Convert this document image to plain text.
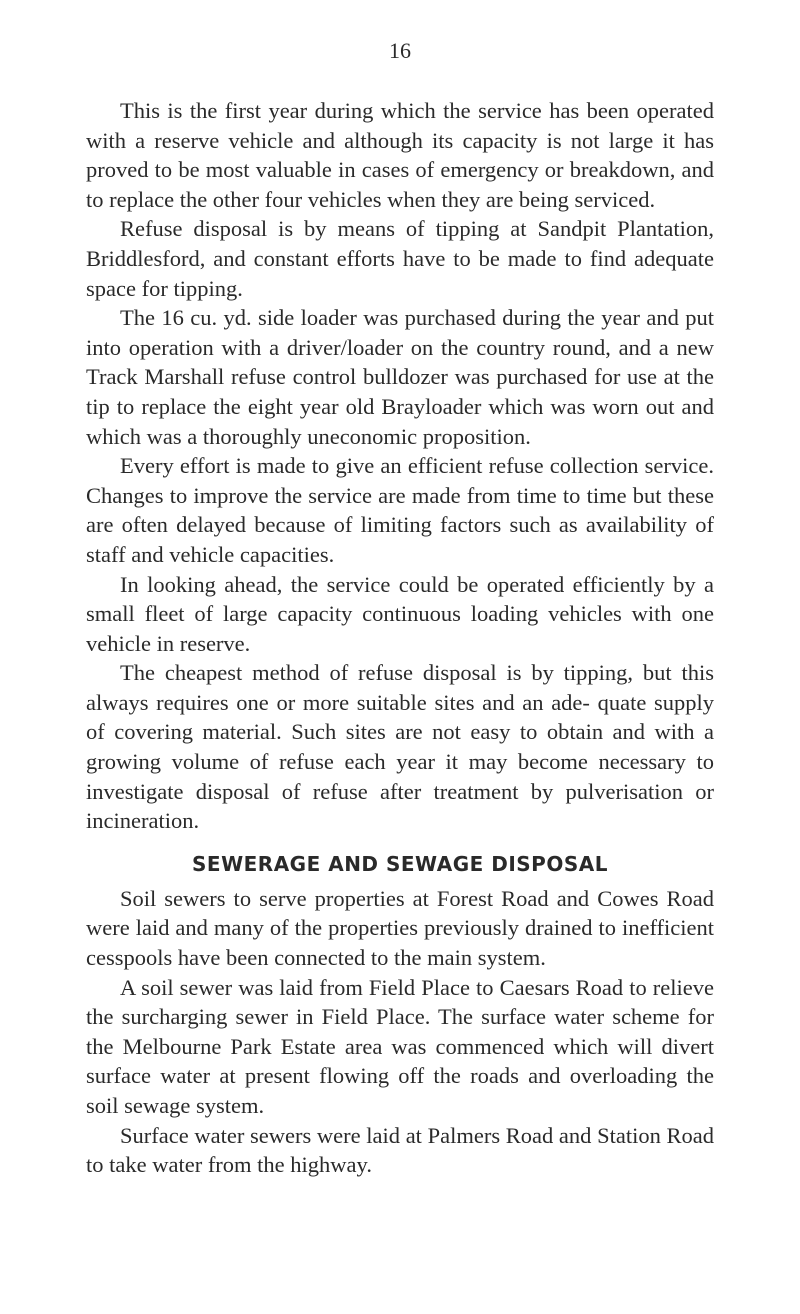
16

This is the first year during which the service has been operated with a reserve vehicle and although its capacity is not large it has proved to be most valuable in cases of emergency or breakdown, and to replace the other four vehicles when they are being serviced.

Refuse disposal is by means of tipping at Sandpit Plantation, Briddlesford, and constant efforts have to be made to find adequate space for tipping.

The 16 cu. yd. side loader was purchased during the year and put into operation with a driver/loader on the country round, and a new Track Marshall refuse control bulldozer was purchased for use at the tip to replace the eight year old Brayloader which was worn out and which was a thoroughly uneconomic proposition.

Every effort is made to give an efficient refuse collection service. Changes to improve the service are made from time to time but these are often delayed because of limiting factors such as availability of staff and vehicle capacities.

In looking ahead, the service could be operated efficiently by a small fleet of large capacity continuous loading vehicles with one vehicle in reserve.

The cheapest method of refuse disposal is by tipping, but this always requires one or more suitable sites and an ade- quate supply of covering material. Such sites are not easy to obtain and with a growing volume of refuse each year it may become necessary to investigate disposal of refuse after treatment by pulverisation or incineration.

SEWERAGE AND SEWAGE DISPOSAL

Soil sewers to serve properties at Forest Road and Cowes Road were laid and many of the properties previously drained to inefficient cesspools have been connected to the main system.

A soil sewer was laid from Field Place to Caesars Road to relieve the surcharging sewer in Field Place. The surface water scheme for the Melbourne Park Estate area was commenced which will divert surface water at present flowing off the roads and overloading the soil sewage system.

Surface water sewers were laid at Palmers Road and Station Road to take water from the highway.
